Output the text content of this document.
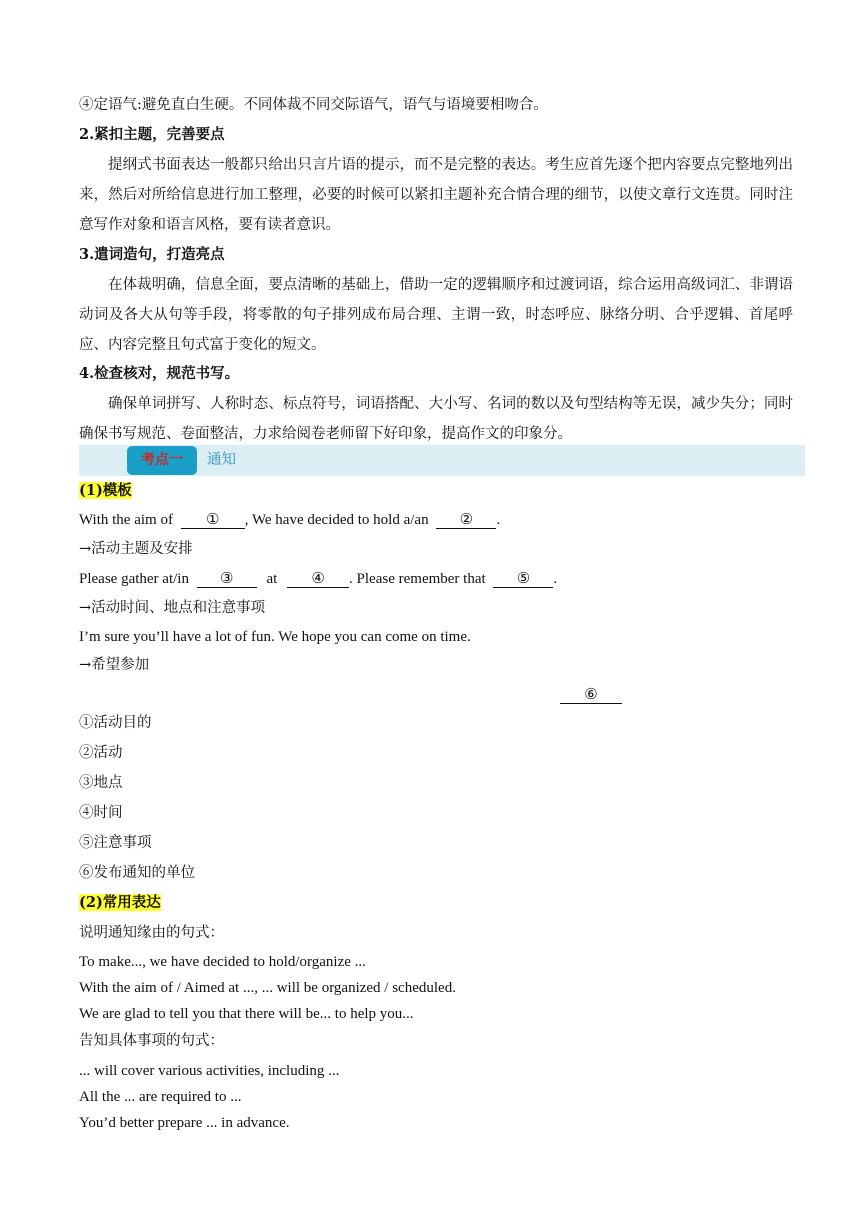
④定语气:避免直白生硬。不同体裁不同交际语气，语气与语境要相吻合。
2.紧扣主题，完善要点
提纲式书面表达一般都只给出只言片语的提示，而不是完整的表达。考生应首先逐个把内容要点完整地列出来，然后对所给信息进行加工整理，必要的时候可以紧扣主题补充合情合理的细节，以使文章行文连贯。同时注意写作对象和语言风格，要有读者意识。
3.遣词造句，打造亮点
在体裁明确，信息全面，要点清晰的基础上，借助一定的逻辑顺序和过渡词语，综合运用高级词汇、非谓语动词及各大从句等手段，将零散的句子排列成布局合理、主谓一致，时态呼应、脉络分明、合乎逻辑、首尾呼应、内容完整且句式富于变化的短文。
4.检查核对，规范书写。
确保单词拼写、人称时态、标点符号，词语搭配、大小写、名词的数以及句型结构等无误，减少失分；同时确保书写规范、卷面整洁，力求给阅卷老师留下好印象，提高作文的印象分。
考点一	通知
(1)模板
With the aim of ① , We have decided to hold a/an ② .
→活动主题及安排
Please gather at/in ③ at ④ . Please remember that ⑤ .
→活动时间、地点和注意事项
I’m sure you’ll have a lot of fun. We hope you can come on time.
→希望参加
⑥
①活动目的
②活动
③地点
④时间
⑤注意事项
⑥发布通知的单位
(2)常用表达
说明通知缘由的句式：
To make..., we have decided to hold/organize ...
With the aim of / Aimed at ..., ... will be organized / scheduled.
We are glad to tell you that there will be... to help you...
告知具体事项的句式：
... will cover various activities, including ...
All the ... are required to ...
You’d better prepare ... in advance.
